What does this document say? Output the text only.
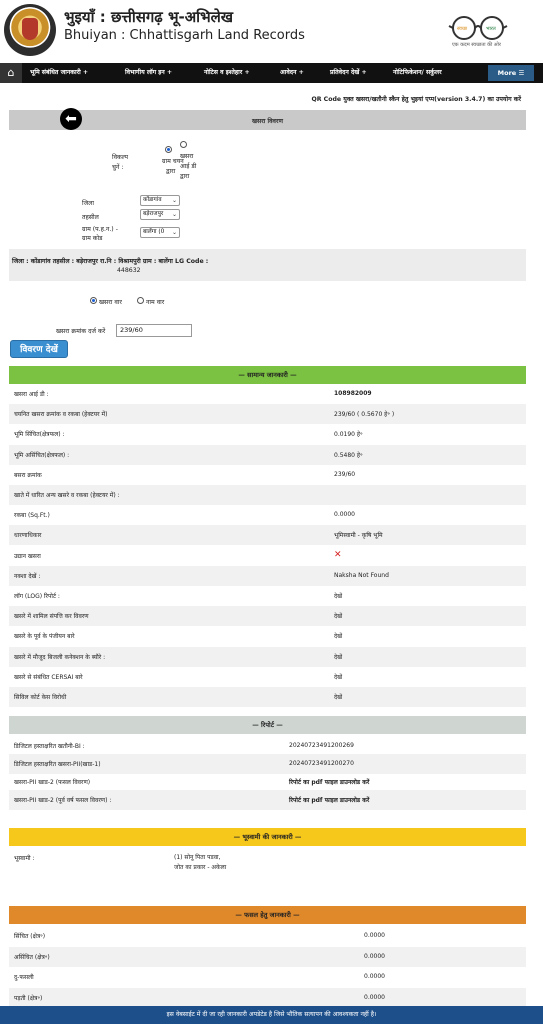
भुइयाँ : छत्तीसगढ़ भू-अभिलेख
Bhuiyan : Chhattisgarh Land Records	स्वच्छ	भारत
एक कदम स्वच्छता की ओर
⌂	भूमि संबंधित जानकारी +	विभागीय लॉग इन +	नोटिस व इश्तेहार +	आवेदन +	प्रतिवेदन देखें +	नोटिफिकेशन/ सर्कुलर	More ☰
QR Code युक्त खसरा/खतौनी स्कैन हेतु भुइयां एप्प(version 3.4.7) का उपयोग करें
खसरा विवरण
⬅
विकल्प
चुनें :
ग्राम चयन
द्वारा
खसरा
आई डी
द्वारा
जिला	कोंडागांव ⌄
तहसील	बड़ेराजपुर ⌄
ग्राम (प.ह.न.) -
ग्राम कोड
बालेंगा (0 ⌄
जिला : कोंडागांव तहसील : बड़ेराजपुर रा.नि : विश्रामपुरी ग्राम : बालेंगा LG Code :
448632
खसरा वार	नाम वार
खसरा क्रमांक दर्ज करें	239/60
विवरण देखें
— सामान्य जानकारी —
खसरा आई डी :	108982009
चयनित खसरा क्रमांक व रकबा (हेक्टयर में)	239/60 ( 0.5670 हे॰ )
भूमि सिंचित(क्षेत्रफल) :	0.0190 हे॰
भूमि असिंचित(क्षेत्रफल) :	0.5480 हे॰
बसरा क्रमांक	239/60
खाते में धारित अन्य खसरे व रकबा (हेक्टयर में) :
रकबा (Sq.Ft.)	0.0000
धारणाधिकार	भूमिस्वामी - कृषि भूमि
उद्यान खसरा	✕
नक्शा देखें :	Naksha Not Found
लॉग (LOG) रिपोर्ट :	देखें
खसरे में शामिल संपत्ति कर विवरण	देखें
खसरे के पूर्व के पंजीयन बारे	देखें
खसरे में मौजूद बिजली कनेक्शन के ब्यौरे :	देखें
खसरे से संबंधित CERSAI बारे	देखें
सिविल कोर्ट केस विरोधी	देखें
— रिपोर्ट —
डिजिटल हस्ताक्षरित खतौनी-BI :	20240723491200269
डिजिटल हस्ताक्षरित खसरा-PII(खाड-1)	20240723491200270
खसरा-PII खाड-2 (फसल विवरण)	रिपोर्ट का pdf फाइल डाउनलोड करें
खसरा-PII खाड-2 (पूर्व वर्ष फसल विवरण) :	रिपोर्ट का pdf फाइल डाउनलोड करें
— भूस्वामी की जानकारी —
भूस्वामी :	(1) सोनू पिता पडवा,
जोत का प्रकार - अकेला
— फसल हेतु जानकारी —
सिंचित (क्षेत्र॰)	0.0000
असिंचित (क्षेत्र॰)	0.0000
दु-फसली	0.0000
पड़ती (क्षेत्र॰)	0.0000
इस वेबसाईट में दी जा रही जानकारी अपडेटेड है जिसे भौतिक सत्यापन की आवश्यकता नहीं है।
